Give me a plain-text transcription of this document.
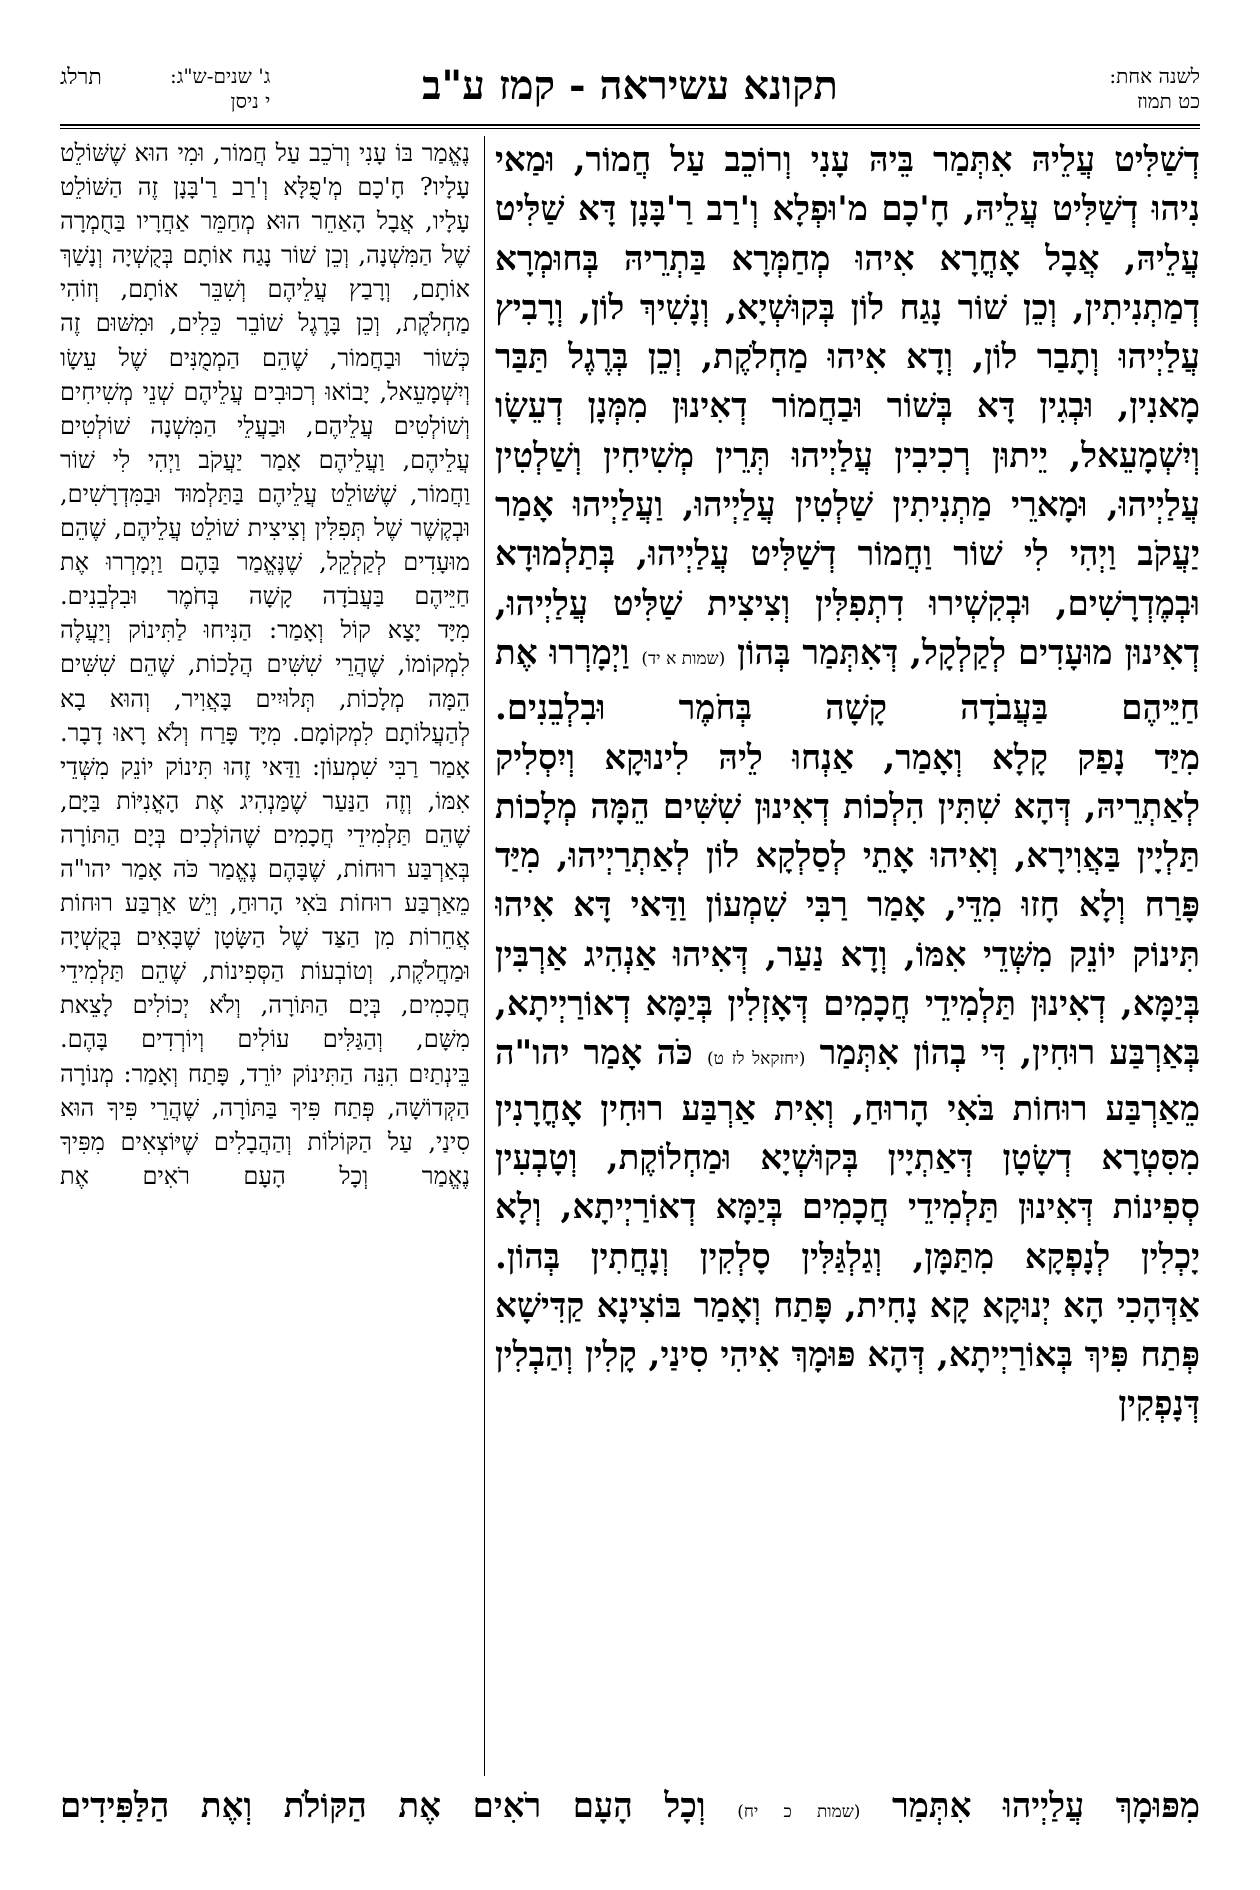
לשנה אחת:
כט תמוז
תקונא עשיראה - קמז ע"ב
ג' שנים-ש"ג:
י ניסן
תרלג

דְשַׁלִּיט עֲלֵיהּ אִתְּמַר בֵּיהּ עָנִי וְרוֹכֵב עַל חֲמוֹר, וּמַאי נִיהוּ דְשַׁלִּיט עֲלֵיהּ, חָ'כָם מ'וּפְלָא וְ'רַב רַ'בָּנָן דָּא שַׁלִּיט עֲלֵיהּ, אֲבָל אָחֳרָא אִיהוּ מְחַמְּרָא בַּתְרֵיהּ בְּחוּמְרָא דְמַתְנִיתִין, וְכֵן שׁוֹר נָגַח לוֹן בְּקוּשְׁיָא, וְנָשִׁיךְ לוֹן, וְרָבִיץ עֲלַיְיהוּ וְתָבַר לוֹן, וְדָא אִיהוּ מַחְלֹקֶת, וְכֵן בְּרֶגֶל תַּבַּר מָאנִין, וּבְגִין דָּא בְּשׁוֹר וּבַחֲמוֹר דְאִינוּן מִמְּנָן דְעֵשָׂו וְיִשְׁמָעֵאל, יֵיתוּן רְכִיבִין עֲלַיְיהוּ תְּרֵין מְשִׁיחִין וְשַׁלְטִין עֲלַיְיהוּ, וּמָארֵי מַתְנִיתִין שַׁלְטִין עֲלַיְיהוּ, וַעֲלַיְיהוּ אָמַר יַעֲקֹב וַיְהִי לִי שׁוֹר וַחֲמוֹר דְשַׁלִּיט עֲלַיְיהוּ, בְּתַלְמוּדָא וּבְמֶדְרָשִׁים, וּבְקִשְׁירוּ דִתְפִלִּין וְצִיצִית שַׁלִּיט עֲלַיְיהוּ, דְאִינוּן מוּעָדִים לְקַלְקָל, דְּאִתְּמַר בְּהוֹן (שמות א יד) וַיְמָרְרוּ אֶת חַיֵּיהֶם בַּעֲבֹדָה קָשָׁה בְּחֹמֶר וּבִלְבֵנִים.

מִיַּד נָפַק קָלָא וְאָמַר, אַנְחוּ לֵיהּ לִינוּקָא וְיִסְלִיק לְאַתְרֵיהּ, דְּהָא שִׁתִּין הִלְכוֹת דְאִינוּן שִׁשִּׁים הֵמָּה מְלָכוֹת תַּלְיָין בַּאֲוִירָא, וְאִיהוּ אָתֵי לְסַלְקָא לוֹן לְאַתְרַיְיהוּ, מִיַּד פָּרַח וְלָא חָזוּ מִדֵּי, אָמַר רַבִּי שִׁמְעוֹן וַדַּאי דָּא אִיהוּ תִּינוֹק יוֹנֵק מִשְּׁדֵי אִמּוֹ, וְדָא נַעַר, דְּאִיהוּ אַנְהִיג אַרְבִּין בְּיַמָּא, דְאִינוּן תַּלְמִידֵי חֲכָמִים דְּאָזְלִין בְּיַמָּא דְאוֹרַיְיתָא, בְּאַרְבַּע רוּחִין, דִּי בְהוֹן אִתְּמַר (יחזקאל לז ט) כֹּה אָמַר יהו"ה מֵאַרְבַּע רוּחוֹת בֹּאִי הָרוּחַ, וְאִית אַרְבַּע רוּחִין אָחֳרָנִין מִסִּטְרָא דְשָׂטָן דְּאַתְיָין בְּקוּשְׁיָא וּמַחְלוֹקֶת, וְטָבְעִין סְפִינוֹת דְּאִינוּן תַּלְמִידֵי חֲכָמִים בְּיַמָּא דְאוֹרַיְיתָא, וְלָא יָכְלִין לְנָפְקָא מִתַּמָּן, וְגַלְגַּלִּין סָלְקִין וְנָחֲתִין בְּהוֹן.

אַדְּהָכִי הָא יְנוּקָא קָא נָחִית, פָּתַח וְאָמַר בּוֹצִינָא קַדִּישָׁא פְּתַח פִּיךְ בְּאוֹרַיְיתָא, דְּהָא פּוּמָךְ אִיהִי סִינַי, קָלִין וְהַבְלִין דְּנָפְקִין

נֶאֱמַר בּוֹ עָנִי וְרֹכֵב עַל חֲמוֹר, וּמִי הוּא שֶׁשּׁוֹלֵט עָלָיו? חָ'כָם מְ'פֻלָּא וְ'רַב רַ'בָּנָן זֶה הַשּׁוֹלֵט עָלָיו, אֲבָל הָאַחֵר הוּא מְחַמֵּר אַחֲרָיו בַּחֻמְרָה שֶׁל הַמִּשְׁנָה, וְכֵן שׁוֹר נָגַח אוֹתָם בְּקֻשְׁיָה וְנָשַׁךְ אוֹתָם, וְרָבַץ עֲלֵיהֶם וְשִׁבֵּר אוֹתָם, וְזוֹהִי מַחְלֹקֶת, וְכֵן בָּרֶגֶל שׁוֹבֵר כֵּלִים, וּמִשּׁוּם זֶה כְּשׁוֹר וּבַחֲמוֹר, שֶׁהֵם הַמְמֻנִּים שֶׁל עֵשָׂו וְיִשְׁמָעֵאל, יָבוֹאוּ רְכוּבִים עֲלֵיהֶם שְׁנֵי מְשִׁיחִים וְשׁוֹלְטִים עֲלֵיהֶם, וּבַעֲלֵי הַמִּשְׁנָה שׁוֹלְטִים עֲלֵיהֶם, וַעֲלֵיהֶם אָמַר יַעֲקֹב וַיְהִי לִי שׁוֹר וַחֲמוֹר, שֶׁשּׁוֹלֵט עֲלֵיהֶם בַּתַּלְמוּד וּבַמִּדְרָשִׁים, וּבְקֶשֶׁר שֶׁל תְּפִלִּין וְצִיצִית שׁוֹלֵט עֲלֵיהֶם, שֶׁהֵם מוּעָדִים לְקַלְקֵל, שֶׁנֶּאֱמַר בָּהֶם וַיְמָרְרוּ אֶת חַיֵּיהֶם בַּעֲבֹדָה קָשָׁה בְּחֹמֶר וּבִלְבֵנִים.

מִיָּד יָצָא קוֹל וְאָמַר: הַנִּיחוּ לַתִּינוֹק וְיַעֲלֶה לִמְקוֹמוֹ, שֶׁהֲרֵי שִׁשִּׁים הֲלָכוֹת, שֶׁהֵם שִׁשִּׁים הֵמָּה מְלָכוֹת, תְּלוּיִים בָּאֲוִיר, וְהוּא בָא לְהַעֲלוֹתָם לִמְקוֹמָם. מִיָּד פָּרַח וְלֹא רָאוּ דָבָר. אָמַר רַבִּי שִׁמְעוֹן: וַדַּאי זֶהוּ תִּינוֹק יוֹנֵק מִשְּׁדֵי אִמּוֹ, וְזֶה הַנַּעַר שֶׁמַּנְהִיג אֶת הָאֳנִיּוֹת בַּיָּם, שֶׁהֵם תַּלְמִידֵי חֲכָמִים שֶׁהוֹלְכִים בְּיָם הַתּוֹרָה בְּאַרְבַּע רוּחוֹת, שֶׁבָּהֶם נֶאֱמַר כֹּה אָמַר יהו"ה מֵאַרְבַּע רוּחוֹת בֹּאִי הָרוּחַ, וְיֵשׁ אַרְבַּע רוּחוֹת אֲחֵרוֹת מִן הַצַּד שֶׁל הַשָּׂטָן שֶׁבָּאִים בְּקֻשְׁיָה וּמַחֲלֹקֶת, וְטוֹבְעוֹת הַסְּפִינוֹת, שֶׁהֵם תַּלְמִידֵי חֲכָמִים, בְּיָם הַתּוֹרָה, וְלֹא יְכוֹלִים לָצֵאת מִשָּׁם, וְהַגַּלִּים עוֹלִים וְיוֹרְדִים בָּהֶם.

בֵּינְתַיִם הִנֵּה הַתִּינוֹק יוֹרֵד, פָּתַח וְאָמַר: מְנוֹרָה הַקְּדוֹשָׁה, פְּתַח פִּיךָ בַּתּוֹרָה, שֶׁהֲרֵי פִּיךָ הוּא סִינַי, עַל הַקּוֹלוֹת וְהַהֲבָלִים שֶׁיּוֹצְאִים מִפִּיךָ נֶאֱמַר וְכָל הָעָם רֹאִים אֶת

מִפּוּמָךְ עֲלַיְיהוּ אִתְּמַר (שמות כ יח) וְכָל הָעָם רֹאִים אֶת הַקּוֹלֹת וְאֶת הַלַּפִּידִים
